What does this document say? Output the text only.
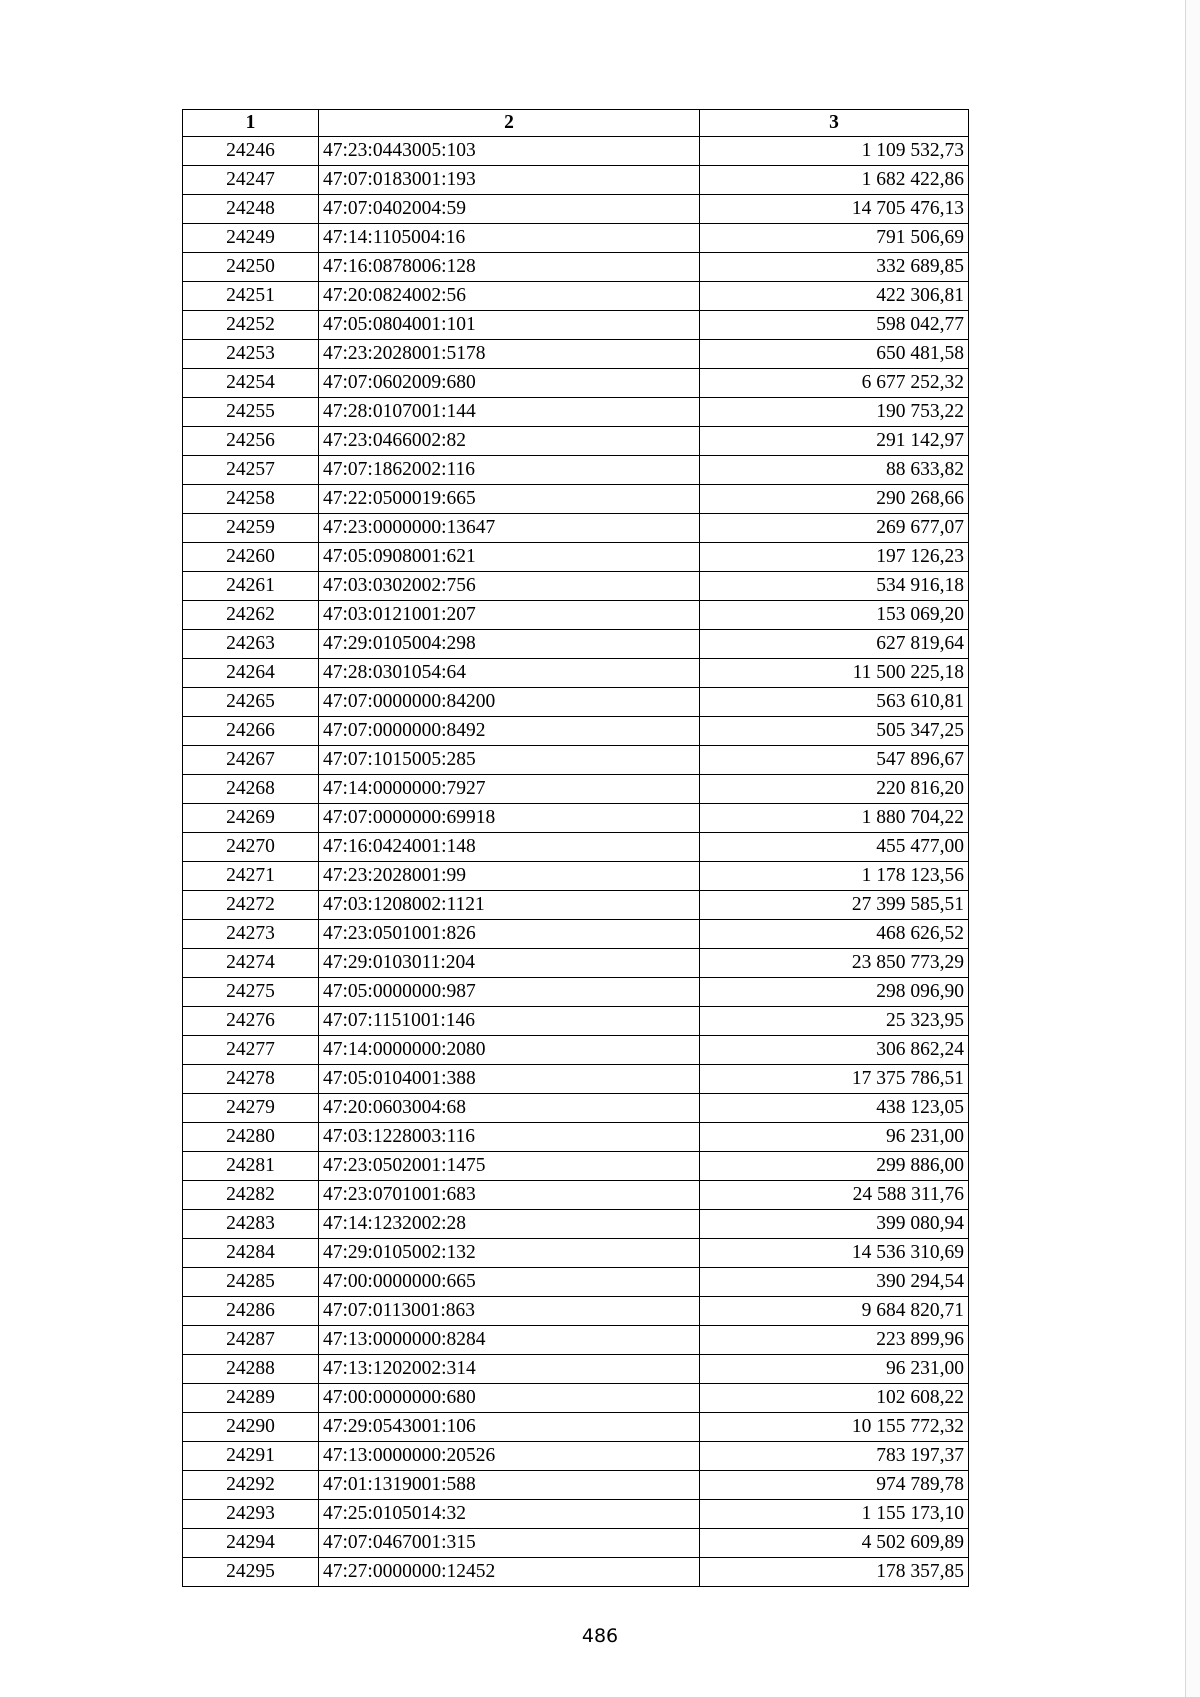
1	2	3
24246	47:23:0443005:103	1 109 532,73
24247	47:07:0183001:193	1 682 422,86
24248	47:07:0402004:59	14 705 476,13
24249	47:14:1105004:16	791 506,69
24250	47:16:0878006:128	332 689,85
24251	47:20:0824002:56	422 306,81
24252	47:05:0804001:101	598 042,77
24253	47:23:2028001:5178	650 481,58
24254	47:07:0602009:680	6 677 252,32
24255	47:28:0107001:144	190 753,22
24256	47:23:0466002:82	291 142,97
24257	47:07:1862002:116	88 633,82
24258	47:22:0500019:665	290 268,66
24259	47:23:0000000:13647	269 677,07
24260	47:05:0908001:621	197 126,23
24261	47:03:0302002:756	534 916,18
24262	47:03:0121001:207	153 069,20
24263	47:29:0105004:298	627 819,64
24264	47:28:0301054:64	11 500 225,18
24265	47:07:0000000:84200	563 610,81
24266	47:07:0000000:8492	505 347,25
24267	47:07:1015005:285	547 896,67
24268	47:14:0000000:7927	220 816,20
24269	47:07:0000000:69918	1 880 704,22
24270	47:16:0424001:148	455 477,00
24271	47:23:2028001:99	1 178 123,56
24272	47:03:1208002:1121	27 399 585,51
24273	47:23:0501001:826	468 626,52
24274	47:29:0103011:204	23 850 773,29
24275	47:05:0000000:987	298 096,90
24276	47:07:1151001:146	25 323,95
24277	47:14:0000000:2080	306 862,24
24278	47:05:0104001:388	17 375 786,51
24279	47:20:0603004:68	438 123,05
24280	47:03:1228003:116	96 231,00
24281	47:23:0502001:1475	299 886,00
24282	47:23:0701001:683	24 588 311,76
24283	47:14:1232002:28	399 080,94
24284	47:29:0105002:132	14 536 310,69
24285	47:00:0000000:665	390 294,54
24286	47:07:0113001:863	9 684 820,71
24287	47:13:0000000:8284	223 899,96
24288	47:13:1202002:314	96 231,00
24289	47:00:0000000:680	102 608,22
24290	47:29:0543001:106	10 155 772,32
24291	47:13:0000000:20526	783 197,37
24292	47:01:1319001:588	974 789,78
24293	47:25:0105014:32	1 155 173,10
24294	47:07:0467001:315	4 502 609,89
24295	47:27:0000000:12452	178 357,85
486
